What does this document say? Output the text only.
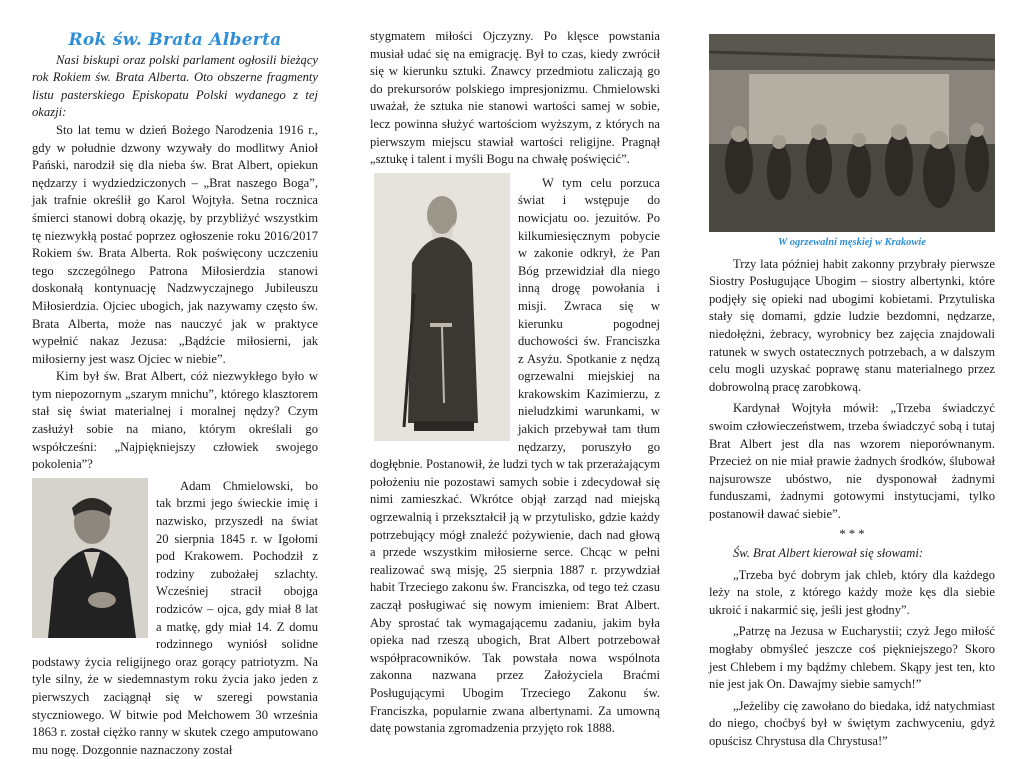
Rok św. Brata Alberta

Nasi biskupi oraz polski parlament ogłosili bieżący rok Rokiem św. Brata Alberta. Oto obszerne fragmenty listu pasterskiego Episkopatu Polski wydanego z tej okazji:

Sto lat temu w dzień Bożego Narodzenia 1916 r., gdy w południe dzwony wzywały do modlitwy Anioł Pański, narodził się dla nieba św. Brat Albert, opiekun nędzarzy i wydziedziczonych – „Brat naszego Boga”, jak trafnie określił go Karol Wojtyła. Setna rocznica śmierci stanowi dobrą okazję, by przybliżyć wszystkim tę niezwykłą postać poprzez ogłoszenie roku 2016/2017 Rokiem św. Brata Alberta. Rok poświęcony uczczeniu tego szczególnego Patrona Miłosierdzia stanowi doskonałą kontynuację Nadzwyczajnego Jubileuszu Miłosierdzia. Ojciec ubogich, jak nazywamy często św. Brata Alberta, może nas nauczyć jak w praktyce wypełnić nakaz Jezusa: „Bądźcie miłosierni, jak miłosierny jest wasz Ojciec w niebie”.

Kim był św. Brat Albert, cóż niezwykłego było w tym niepozornym „szarym mnichu”, którego klasztorem stał się świat materialnej i moralnej nędzy? Czym zasłużył sobie na miano, którym określali go współcześni: „Najpiękniejszy człowiek swojego pokolenia”?

Adam Chmielowski, bo tak brzmi jego świeckie imię i nazwisko, przyszedł na świat 20 sierpnia 1845 r. w Igołomi pod Krakowem. Pochodził z rodziny zubożałej szlachty. Wcześniej stracił obojga rodziców – ojca, gdy miał 8 lat a matkę, gdy miał 14. Z domu rodzinnego wyniósł solidne podstawy życia religijnego oraz gorący patriotyzm. Na tyle silny, że w siedemnastym roku życia jako jeden z pierwszych zaciągnął się w szeregi powstania styczniowego. W bitwie pod Mełchowem 30 września 1863 r. został ciężko ranny w skutek czego amputowano mu nogę. Dozgonnie naznaczony został

stygmatem miłości Ojczyzny. Po klęsce powstania musiał udać się na emigrację. Był to czas, kiedy zwrócił się w kierunku sztuki. Znawcy przedmiotu zaliczają go do prekursorów polskiego impresjonizmu. Chmielowski uważał, że sztuka nie stanowi wartości samej w sobie, lecz powinna służyć wartościom wyższym, z których na pierwszym miejscu stawiał wartości religijne. Pragnął „sztukę i talent i myśli Bogu na chwałę poświęcić”.

W tym celu porzuca świat i wstępuje do nowicjatu oo. jezuitów. Po kilkumiesięcznym pobycie w zakonie odkrył, że Pan Bóg przewidział dla niego inną drogę powołania i misji. Zwraca się w kierunku pogodnej duchowości św. Franciszka z Asyżu. Spotkanie z nędzą ogrzewalni miejskiej na krakowskim Kazimierzu, z nieludzkimi warunkami, w jakich przebywał tam tłum nędzarzy, poruszyło go dogłębnie. Postanowił, że ludzi tych w tak przerażającym położeniu nie pozostawi samych sobie i zdecydował się nimi zamieszkać. Wkrótce objął zarząd nad miejską ogrzewalnią i przekształcił ją w przytulisko, gdzie każdy potrzebujący mógł znaleźć pożywienie, dach nad głową a przede wszystkim miłosierne serce. Chcąc w pełni realizować swą misję, 25 sierpnia 1887 r. przywdział habit Trzeciego zakonu św. Franciszka, od tego też czasu zaczął posługiwać się nowym imieniem: Brat Albert. Aby sprostać tak wymagającemu zadaniu, jakim była opieka nad rzeszą ubogich, Brat Albert potrzebował współpracowników. Tak powstała nowa wspólnota zakonna nazwana przez Założyciela Braćmi Posługującymi Ubogim Trzeciego Zakonu św. Franciszka, popularnie zwana albertynami. Za umowną datę powstania zgromadzenia przyjęto rok 1888.

W ogrzewalni męskiej w Krakowie

Trzy lata później habit zakonny przybrały pierwsze Siostry Posługujące Ubogim – siostry albertynki, które podjęły się opieki nad ubogimi kobietami. Przytuliska stały się domami, gdzie ludzie bezdomni, nędzarze, niedołężni, żebracy, wyrobnicy bez zajęcia znajdowali ratunek w swych ostatecznych potrzebach, a w dalszym celu mogli uzyskać poprawę stanu materialnego przez dobrowolną pracę zarobkową.

Kardynał Wojtyła mówił: „Trzeba świadczyć swoim człowieczeństwem, trzeba świadczyć sobą i tutaj Brat Albert jest dla nas wzorem nieporównanym. Przecież on nie miał prawie żadnych środków, ślubował najsurowsze ubóstwo, nie dysponował żadnymi funduszami, żadnymi gotowymi instytucjami, tylko postanowił dawać siebie”.

* * *

Św. Brat Albert kierował się słowami:

„Trzeba być dobrym jak chleb, który dla każdego leży na stole, z którego każdy może kęs dla siebie ukroić i nakarmić się, jeśli jest głodny”.

„Patrzę na Jezusa w Eucharystii; czyż Jego miłość mogłaby obmyśleć jeszcze coś piękniejszego? Skoro jest Chlebem i my bądźmy chlebem. Skąpy jest ten, kto nie jest jak On. Dawajmy siebie samych!”

„Jeżeliby cię zawołano do biedaka, idź natychmiast do niego, choćbyś był w świętym zachwyceniu, gdyż opuścisz Chrystusa dla Chrystusa!”
